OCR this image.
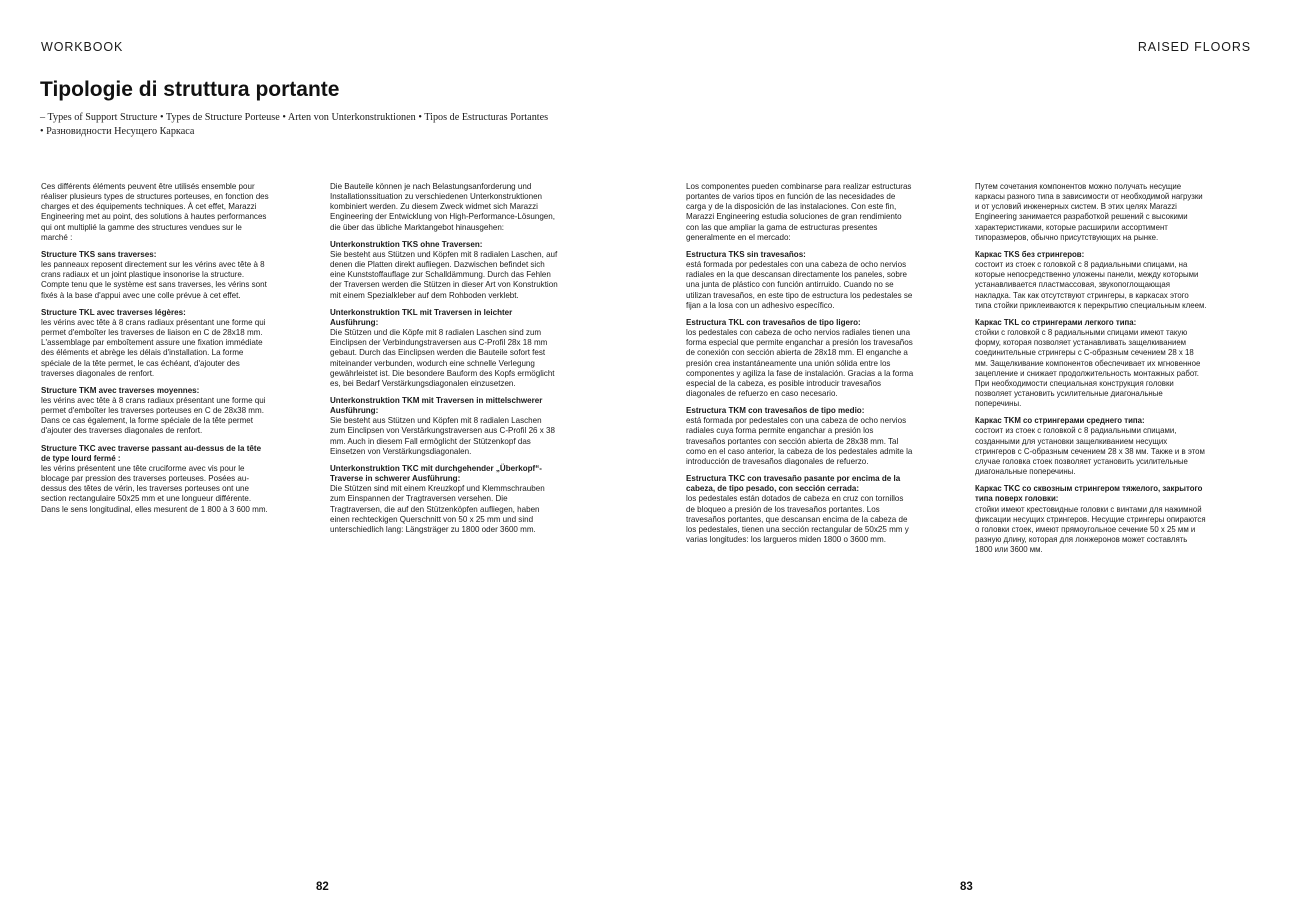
WORKBOOK	RAISED FLOORS
Tipologie di struttura portante
– Types of Support Structure • Types de Structure Porteuse • Arten von Unterkonstruktionen • Tipos de Estructuras Portantes
• Разновидности Несущего Каркаса

Ces différents éléments peuvent être utilisés ensemble pour réaliser plusieurs types de structures porteuses, en fonction des charges et des équipements techniques. À cet effet, Marazzi Engineering met au point, des solutions à hautes performances qui ont multiplié la gamme des structures vendues sur le marché :

Structure TKS sans traverses:
les panneaux reposent directement sur les vérins avec tête à 8 crans radiaux et un joint plastique insonorise la structure. Compte tenu que le système est sans traverses, les vérins sont fixés à la base d'appui avec une colle prévue à cet effet.

Structure TKL avec traverses légères:
les vérins avec tête à 8 crans radiaux présentant une forme qui permet d'emboîter les traverses de liaison en C de 28x18 mm. L'assemblage par emboîtement assure une fixation immédiate des éléments et abrège les délais d'installation. La forme spéciale de la tête permet, le cas échéant, d'ajouter des traverses diagonales de renfort.

Structure TKM avec traverses moyennes:
les vérins avec tête à 8 crans radiaux présentant une forme qui permet d'emboîter les traverses porteuses en C de 28x38 mm. Dans ce cas également, la forme spéciale de la tête permet d'ajouter des traverses diagonales de renfort.

Structure TKC avec traverse passant au-dessus de la tête de type lourd fermé :
les vérins présentent une tête cruciforme avec vis pour le blocage par pression des traverses porteuses. Posées au-dessus des têtes de vérin, les traverses porteuses ont une section rectangulaire 50x25 mm et une longueur différente. Dans le sens longitudinal, elles mesurent de 1 800 à 3 600 mm.

Die Bauteile können je nach Belastungsanforderung und Installationssituation zu verschiedenen Unterkonstruktionen kombiniert werden. Zu diesem Zweck widmet sich Marazzi Engineering der Entwicklung von High-Performance-Lösungen, die über das übliche Marktangebot hinausgehen:

Unterkonstruktion TKS ohne Traversen:
Sie besteht aus Stützen und Köpfen mit 8 radialen Laschen, auf denen die Platten direkt aufliegen. Dazwischen befindet sich eine Kunststoffauflage zur Schalldämmung. Durch das Fehlen der Traversen werden die Stützen in dieser Art von Konstruktion mit einem Spezialkleber auf dem Rohboden verklebt.

Unterkonstruktion TKL mit Traversen in leichter Ausführung:
Die Stützen und die Köpfe mit 8 radialen Laschen sind zum Einclipsen der Verbindungstraversen aus C-Profil 28x 18 mm gebaut. Durch das Einclipsen werden die Bauteile sofort fest miteinander verbunden, wodurch eine schnelle Verlegung gewährleistet ist. Die besondere Bauform des Kopfs ermöglicht es, bei Bedarf Verstärkungsdiagonalen einzusetzen.

Unterkonstruktion TKM mit Traversen in mittelschwerer Ausführung:
Sie besteht aus Stützen und Köpfen mit 8 radialen Laschen zum Einclipsen von Verstärkungstraversen aus C-Profil 26 x 38 mm. Auch in diesem Fall ermöglicht der Stützenkopf das Einsetzen von Verstärkungsdiagonalen.

Unterkonstruktion TKC mit durchgehender „Überkopf“-Traverse in schwerer Ausführung:
Die Stützen sind mit einem Kreuzkopf und Klemmschrauben zum Einspannen der Tragtraversen versehen. Die Tragtraversen, die auf den Stützenköpfen aufliegen, haben einen rechteckigen Querschnitt von 50 x 25 mm und sind unterschiedlich lang: Längsträger zu 1800 oder 3600 mm.

Los componentes pueden combinarse para realizar estructuras portantes de varios tipos en función de las necesidades de carga y de la disposición de las instalaciones. Con este fin, Marazzi Engineering estudia soluciones de gran rendimiento con las que ampliar la gama de estructuras presentes generalmente en el mercado:

Estructura TKS sin travesaños:
está formada por pedestales con una cabeza de ocho nervios radiales en la que descansan directamente los paneles, sobre una junta de plástico con función antirruido. Cuando no se utilizan travesaños, en este tipo de estructura los pedestales se fijan a la losa con un adhesivo específico.

Estructura TKL con travesaños de tipo ligero:
los pedestales con cabeza de ocho nervios radiales tienen una forma especial que permite enganchar a presión los travesaños de conexión con sección abierta de 28x18 mm. El enganche a presión crea instantáneamente una unión sólida entre los componentes y agiliza la fase de instalación. Gracias a la forma especial de la cabeza, es posible introducir travesaños diagonales de refuerzo en caso necesario.

Estructura TKM con travesaños de tipo medio:
está formada por pedestales con una cabeza de ocho nervios radiales cuya forma permite enganchar a presión los travesaños portantes con sección abierta de 28x38 mm. Tal como en el caso anterior, la cabeza de los pedestales admite la introducción de travesaños diagonales de refuerzo.

Estructura TKC con travesaño pasante por encima de la cabeza, de tipo pesado, con sección cerrada:
los pedestales están dotados de cabeza en cruz con tornillos de bloqueo a presión de los travesaños portantes. Los travesaños portantes, que descansan encima de la cabeza de los pedestales, tienen una sección rectangular de 50x25 mm y varias longitudes: los largueros miden 1800 o 3600 mm.

Путем сочетания компонентов можно получать несущие каркасы разного типа в зависимости от необходимой нагрузки и от условий инженерных систем. В этих целях Marazzi Engineering занимается разработкой решений с высокими характеристиками, которые расширили ассортимент типоразмеров, обычно присутствующих на рынке.

Каркас TKS без стрингеров:
состоит из стоек с головкой с 8 радиальными спицами, на которые непосредственно уложены панели, между которыми устанавливается пластмассовая, звукопоглощающая накладка. Так как отсутствуют стрингеры, в каркасах этого типа стойки приклеиваются к перекрытию специальным клеем.

Каркас TKL со стрингерами легкого типа:
стойки с головкой с 8 радиальными спицами имеют такую форму, которая позволяет устанавливать защелкиванием соединительные стрингеры с С-образным сечением 28 х 18 мм. Защелкивание компонентов обеспечивает их мгновенное зацепление и снижает продолжительность монтажных работ. При необходимости специальная конструкция головки позволяет установить усилительные диагональные поперечины.

Каркас TKM со стрингерами среднего типа:
состоит из стоек с головкой с 8 радиальными спицами, созданными для установки защелкиванием несущих стрингеров с С-образным сечением 28 х 38 мм. Также и в этом случае головка стоек позволяет установить усилительные диагональные поперечины.

Каркас TKC со сквозным стрингером тяжелого, закрытого типа поверх головки:
стойки имеют крестовидные головки с винтами для нажимной фиксации несущих стрингеров. Несущие стрингеры опираются о головки стоек, имеют прямоугольное сечение 50 х 25 мм и разную длину, которая для лонжеронов может составлять 1800 или 3600 мм.

82	83
